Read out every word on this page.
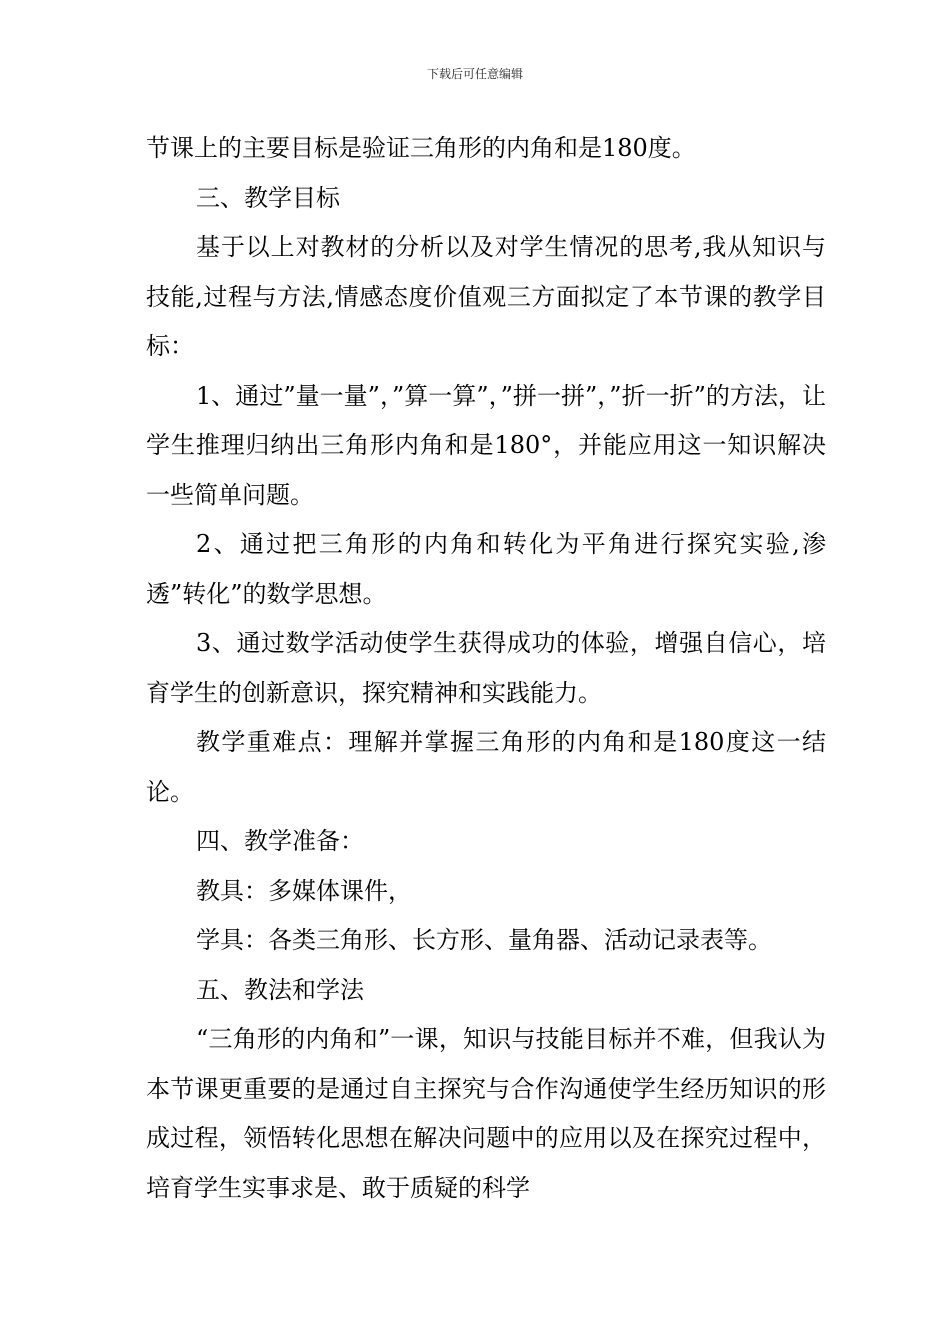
下载后可任意编辑

节课上的主要目标是验证三角形的内角和是180度。

三、教学目标

基于以上对教材的分析以及对学生情况的思考,我从知识与技能,过程与方法,情感态度价值观三方面拟定了本节课的教学目标：

1、通过”量一量”，”算一算”，”拼一拼”，”折一折”的方法，让学生推理归纳出三角形内角和是180°，并能应用这一知识解决一些简单问题。

2、通过把三角形的内角和转化为平角进行探究实验,渗透”转化”的数学思想。

3、通过数学活动使学生获得成功的体验，增强自信心，培育学生的创新意识，探究精神和实践能力。

教学重难点：理解并掌握三角形的内角和是180度这一结论。

四、教学准备：

教具：多媒体课件，

学具：各类三角形、长方形、量角器、活动记录表等。

五、教法和学法

“三角形的内角和”一课，知识与技能目标并不难，但我认为本节课更重要的是通过自主探究与合作沟通使学生经历知识的形成过程，领悟转化思想在解决问题中的应用以及在探究过程中，培育学生实事求是、敢于质疑的科学
